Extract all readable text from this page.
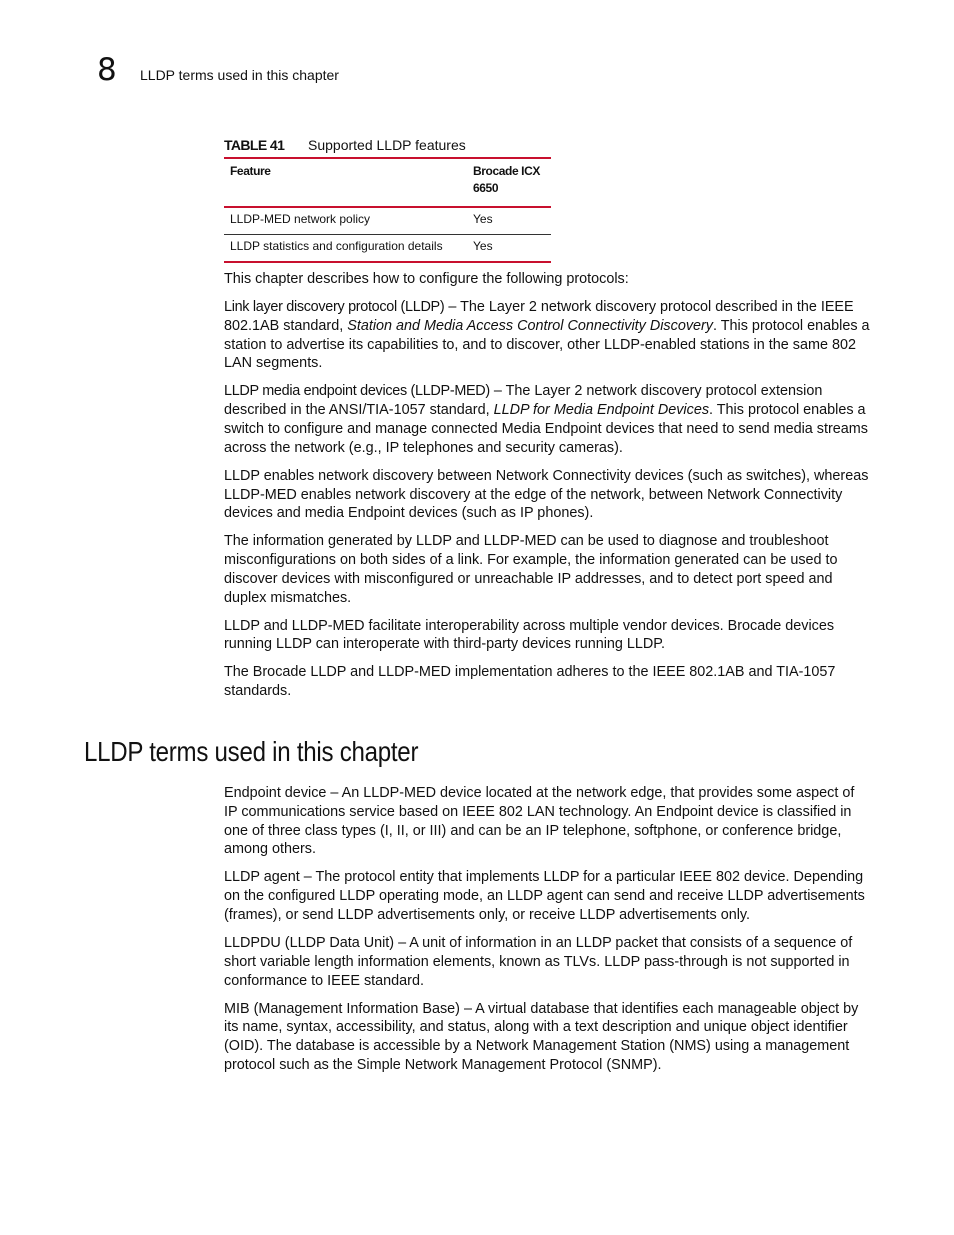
8 LLDP terms used in this chapter
TABLE 41 Supported LLDP features
Feature	Brocade ICX 6650
LLDP-MED network policy	Yes
LLDP statistics and configuration details	Yes

This chapter describes how to configure the following protocols:

Link layer discovery protocol (LLDP) – The Layer 2 network discovery protocol described in the IEEE 802.1AB standard, Station and Media Access Control Connectivity Discovery. This protocol enables a station to advertise its capabilities to, and to discover, other LLDP-enabled stations in the same 802 LAN segments.

LLDP media endpoint devices (LLDP-MED) – The Layer 2 network discovery protocol extension described in the ANSI/TIA-1057 standard, LLDP for Media Endpoint Devices. This protocol enables a switch to configure and manage connected Media Endpoint devices that need to send media streams across the network (e.g., IP telephones and security cameras).

LLDP enables network discovery between Network Connectivity devices (such as switches), whereas LLDP-MED enables network discovery at the edge of the network, between Network Connectivity devices and media Endpoint devices (such as IP phones).

The information generated by LLDP and LLDP-MED can be used to diagnose and troubleshoot misconfigurations on both sides of a link. For example, the information generated can be used to discover devices with misconfigured or unreachable IP addresses, and to detect port speed and duplex mismatches.

LLDP and LLDP-MED facilitate interoperability across multiple vendor devices. Brocade devices running LLDP can interoperate with third-party devices running LLDP.

The Brocade LLDP and LLDP-MED implementation adheres to the IEEE 802.1AB and TIA-1057 standards.

LLDP terms used in this chapter

Endpoint device – An LLDP-MED device located at the network edge, that provides some aspect of IP communications service based on IEEE 802 LAN technology. An Endpoint device is classified in one of three class types (I, II, or III) and can be an IP telephone, softphone, or conference bridge, among others.

LLDP agent – The protocol entity that implements LLDP for a particular IEEE 802 device. Depending on the configured LLDP operating mode, an LLDP agent can send and receive LLDP advertisements (frames), or send LLDP advertisements only, or receive LLDP advertisements only.

LLDPDU (LLDP Data Unit) – A unit of information in an LLDP packet that consists of a sequence of short variable length information elements, known as TLVs. LLDP pass-through is not supported in conformance to IEEE standard.

MIB (Management Information Base) – A virtual database that identifies each manageable object by its name, syntax, accessibility, and status, along with a text description and unique object identifier (OID). The database is accessible by a Network Management Station (NMS) using a management protocol such as the Simple Network Management Protocol (SNMP).
